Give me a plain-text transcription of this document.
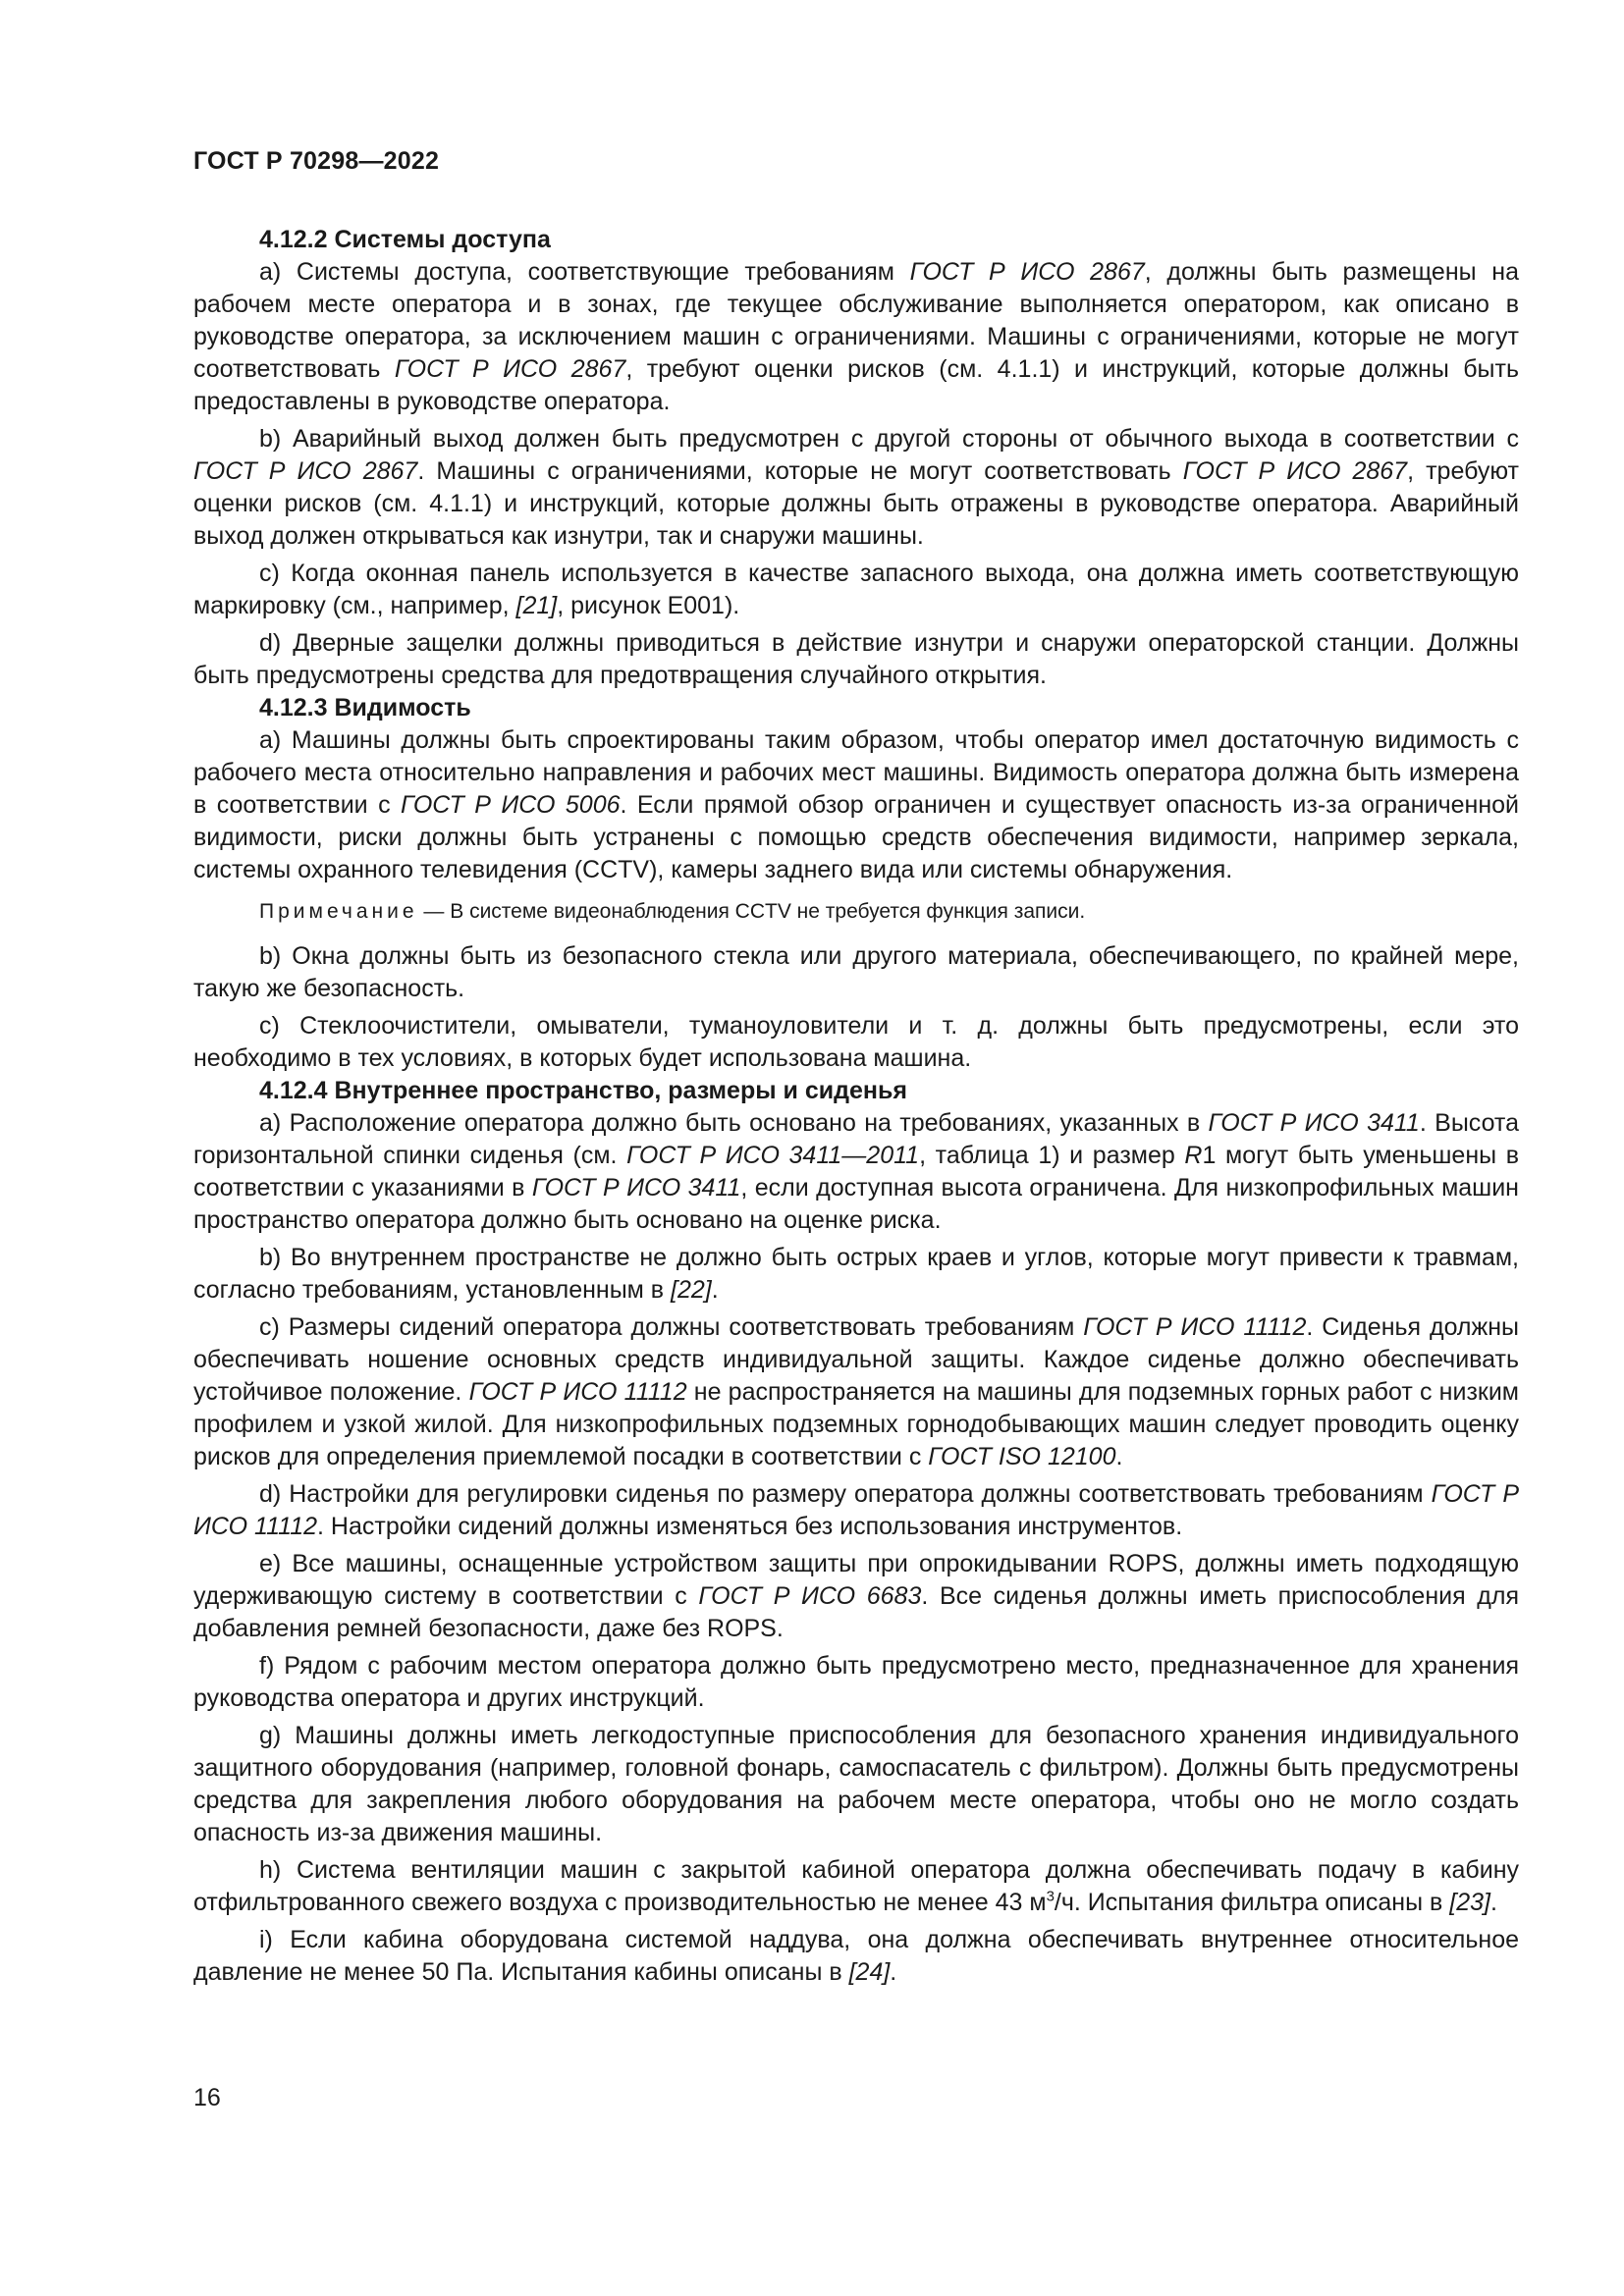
ГОСТ Р 70298—2022
4.12.2 Системы доступа

a) Системы доступа, соответствующие требованиям ГОСТ Р ИСО 2867, должны быть размещены на рабочем месте оператора и в зонах, где текущее обслуживание выполняется оператором, как описано в руководстве оператора, за исключением машин с ограничениями. Машины с ограничениями, которые не могут соответствовать ГОСТ Р ИСО 2867, требуют оценки рисков (см. 4.1.1) и инструкций, которые должны быть предоставлены в руководстве оператора.

b) Аварийный выход должен быть предусмотрен с другой стороны от обычного выхода в соответствии с ГОСТ Р ИСО 2867. Машины с ограничениями, которые не могут соответствовать ГОСТ Р ИСО 2867, требуют оценки рисков (см. 4.1.1) и инструкций, которые должны быть отражены в руководстве оператора. Аварийный выход должен открываться как изнутри, так и снаружи машины.

c) Когда оконная панель используется в качестве запасного выхода, она должна иметь соответствующую маркировку (см., например, [21], рисунок Е001).

d) Дверные защелки должны приводиться в действие изнутри и снаружи операторской станции. Должны быть предусмотрены средства для предотвращения случайного открытия.

4.12.3 Видимость

a) Машины должны быть спроектированы таким образом, чтобы оператор имел достаточную видимость с рабочего места относительно направления и рабочих мест машины. Видимость оператора должна быть измерена в соответствии с ГОСТ Р ИСО 5006. Если прямой обзор ограничен и существует опасность из-за ограниченной видимости, риски должны быть устранены с помощью средств обеспечения видимости, например зеркала, системы охранного телевидения (CCTV), камеры заднего вида или системы обнаружения.

Примечание — В системе видеонаблюдения CCTV не требуется функция записи.

b) Окна должны быть из безопасного стекла или другого материала, обеспечивающего, по крайней мере, такую же безопасность.

c) Стеклоочистители, омыватели, туманоуловители и т. д. должны быть предусмотрены, если это необходимо в тех условиях, в которых будет использована машина.

4.12.4 Внутреннее пространство, размеры и сиденья

a) Расположение оператора должно быть основано на требованиях, указанных в ГОСТ Р ИСО 3411. Высота горизонтальной спинки сиденья (см. ГОСТ Р ИСО 3411—2011, таблица 1) и размер R1 могут быть уменьшены в соответствии с указаниями в ГОСТ Р ИСО 3411, если доступная высота ограничена. Для низкопрофильных машин пространство оператора должно быть основано на оценке риска.

b) Во внутреннем пространстве не должно быть острых краев и углов, которые могут привести к травмам, согласно требованиям, установленным в [22].

c) Размеры сидений оператора должны соответствовать требованиям ГОСТ Р ИСО 11112. Сиденья должны обеспечивать ношение основных средств индивидуальной защиты. Каждое сиденье должно обеспечивать устойчивое положение. ГОСТ Р ИСО 11112 не распространяется на машины для подземных горных работ с низким профилем и узкой жилой. Для низкопрофильных подземных горнодобывающих машин следует проводить оценку рисков для определения приемлемой посадки в соответствии с ГОСТ ISO 12100.

d) Настройки для регулировки сиденья по размеру оператора должны соответствовать требованиям ГОСТ Р ИСО 11112. Настройки сидений должны изменяться без использования инструментов.

e) Все машины, оснащенные устройством защиты при опрокидывании ROPS, должны иметь подходящую удерживающую систему в соответствии с ГОСТ Р ИСО 6683. Все сиденья должны иметь приспособления для добавления ремней безопасности, даже без ROPS.

f) Рядом с рабочим местом оператора должно быть предусмотрено место, предназначенное для хранения руководства оператора и других инструкций.

g) Машины должны иметь легкодоступные приспособления для безопасного хранения индивидуального защитного оборудования (например, головной фонарь, самоспасатель с фильтром). Должны быть предусмотрены средства для закрепления любого оборудования на рабочем месте оператора, чтобы оно не могло создать опасность из-за движения машины.

h) Система вентиляции машин с закрытой кабиной оператора должна обеспечивать подачу в кабину отфильтрованного свежего воздуха с производительностью не менее 43 $м^3/ч$. Испытания фильтра описаны в [23].

i) Если кабина оборудована системой наддува, она должна обеспечивать внутреннее относительное давление не менее 50 Па. Испытания кабины описаны в [24].

16
